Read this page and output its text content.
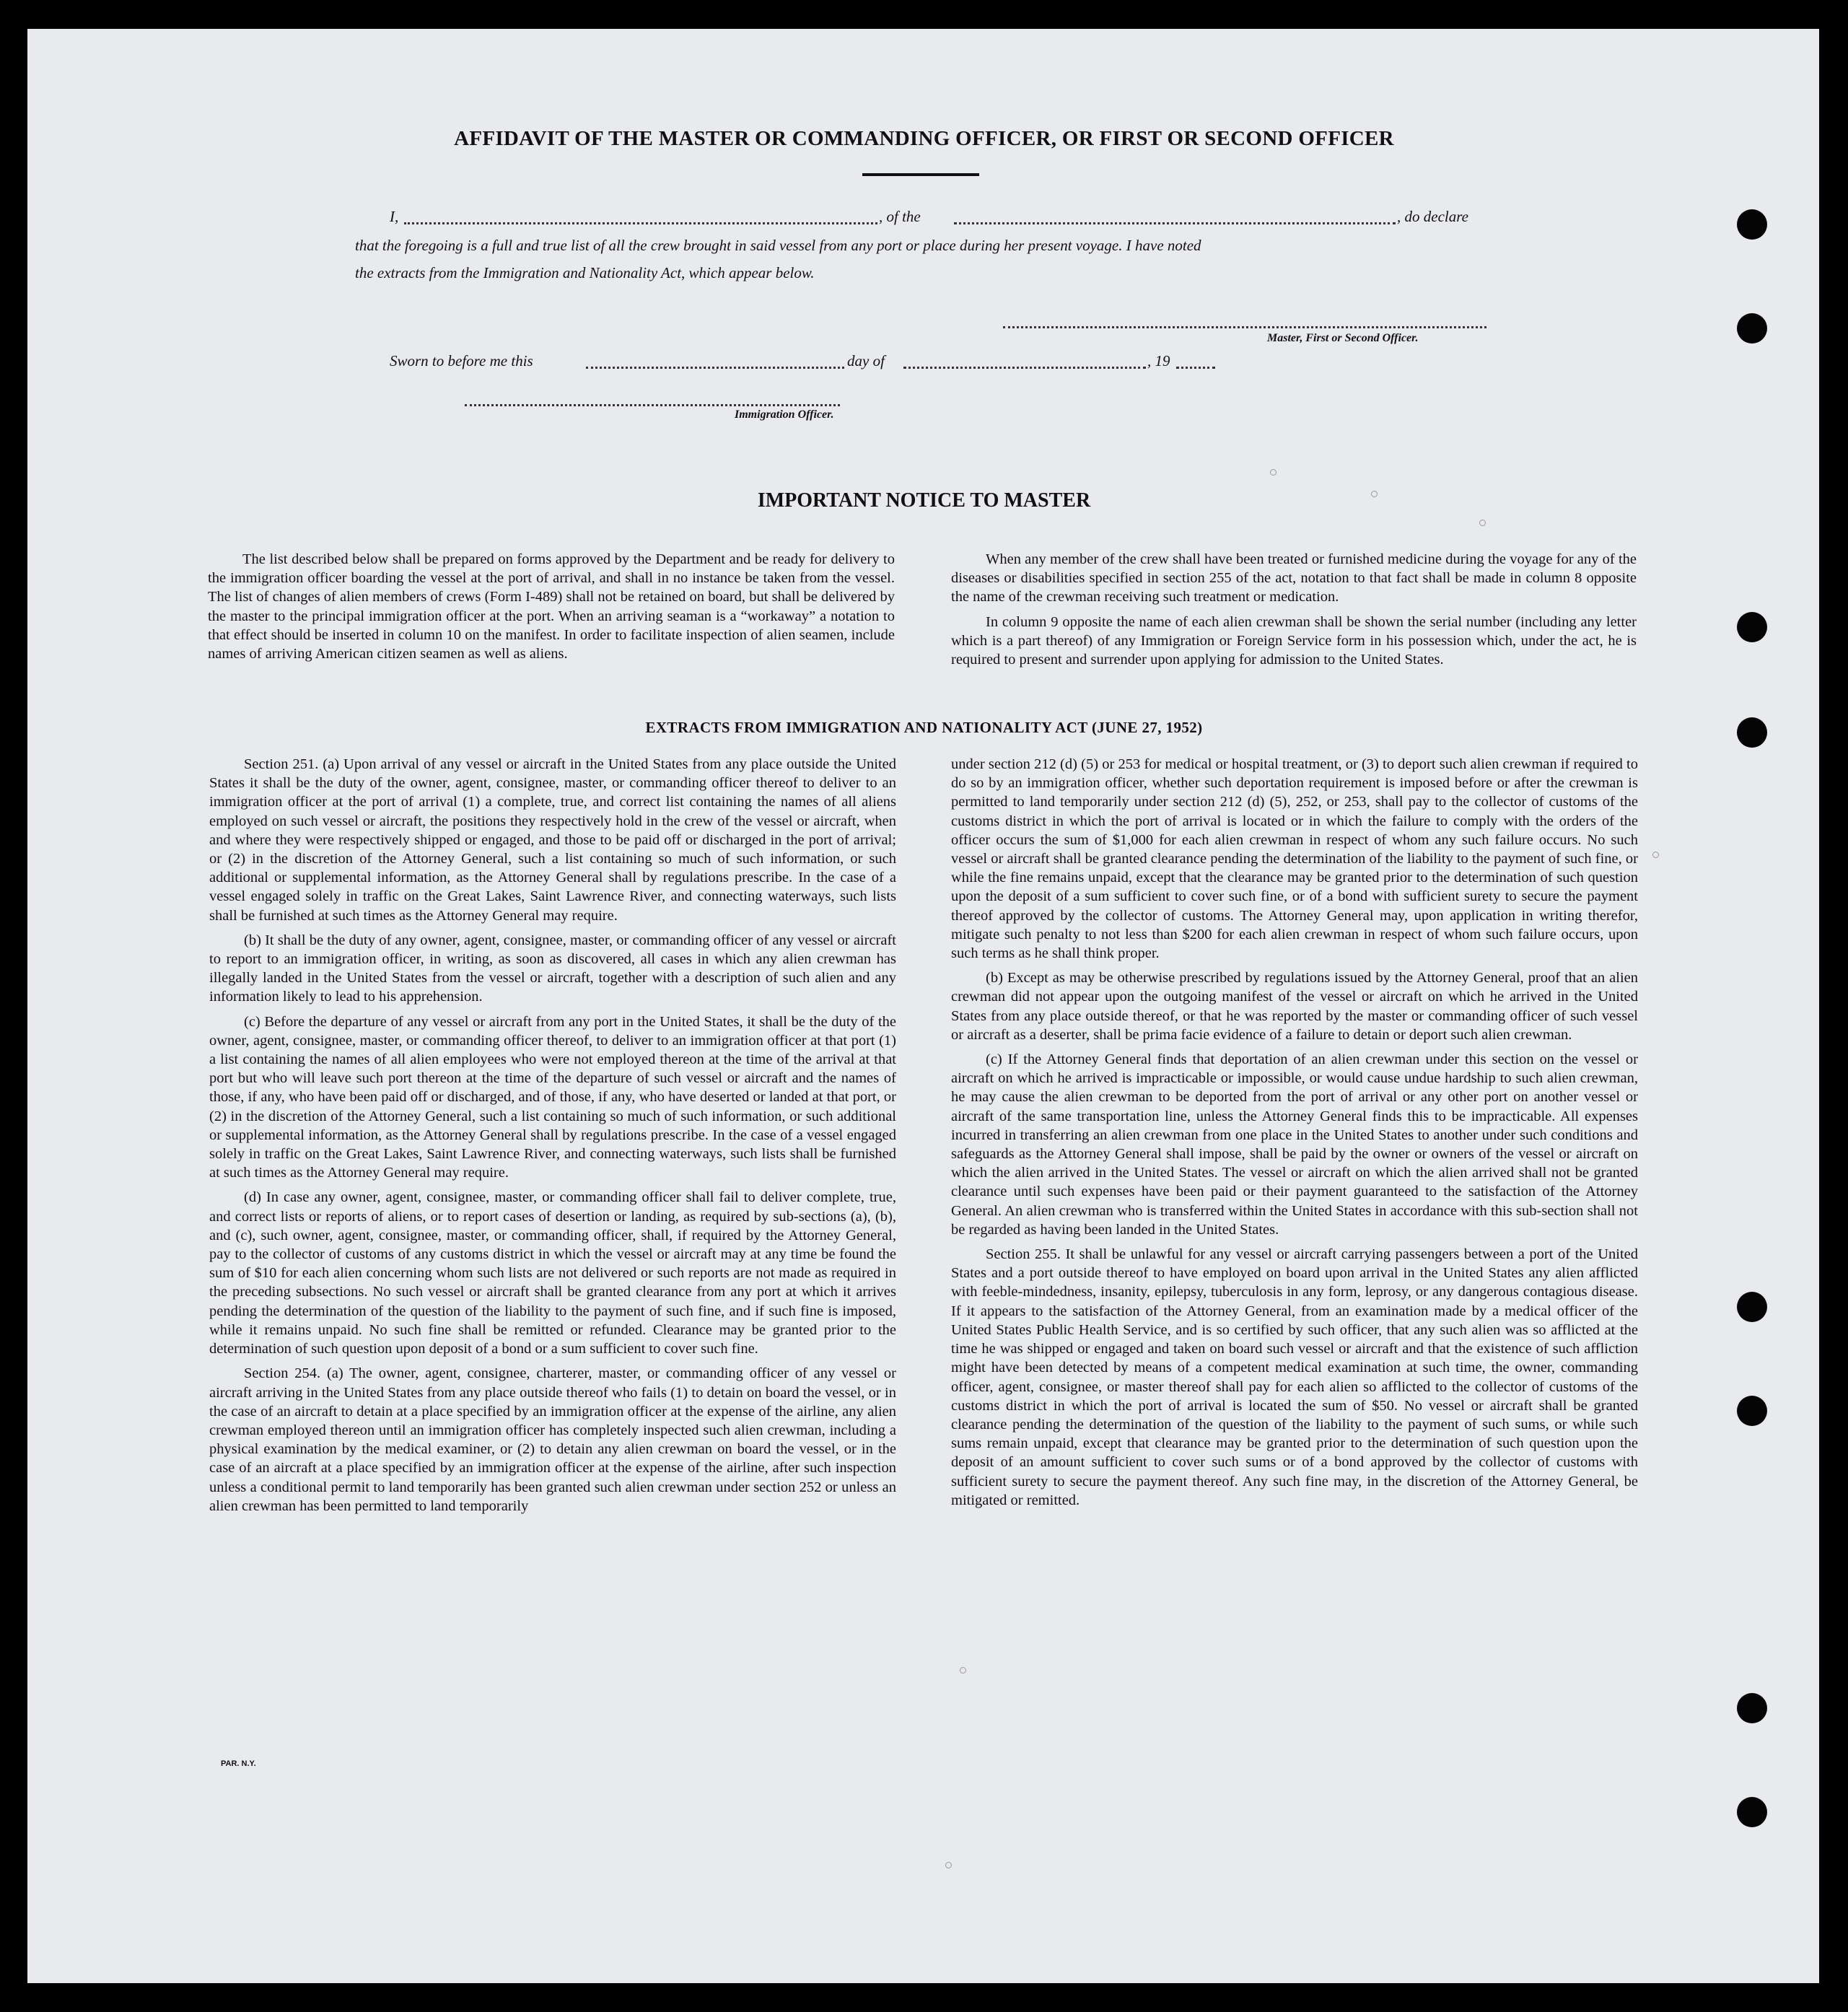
AFFIDAVIT OF THE MASTER OR COMMANDING OFFICER, OR FIRST OR SECOND OFFICER
I,	, of the	, do declare
that the foregoing is a full and true list of all the crew brought in said vessel from any port or place during her present voyage. I have noted
the extracts from the Immigration and Nationality Act, which appear below.
Master, First or Second Officer.
Sworn to before me this	day of	, 19
Immigration Officer.
IMPORTANT NOTICE TO MASTER

The list described below shall be prepared on forms approved by the Department and be ready for delivery to the immigration officer boarding the vessel at the port of arrival, and shall in no instance be taken from the vessel. The list of changes of alien members of crews (Form I-489) shall not be retained on board, but shall be delivered by the master to the principal immigration officer at the port. When an arriving seaman is a “workaway” a notation to that effect should be inserted in column 10 on the manifest. In order to facilitate inspection of alien seamen, include names of arriving American citizen seamen as well as aliens.

When any member of the crew shall have been treated or furnished medicine during the voyage for any of the diseases or disabilities specified in section 255 of the act, notation to that fact shall be made in column 8 opposite the name of the crewman receiving such treatment or medication.

In column 9 opposite the name of each alien crewman shall be shown the serial number (including any letter which is a part thereof) of any Immigration or Foreign Service form in his possession which, under the act, he is required to present and surrender upon applying for admission to the United States.

EXTRACTS FROM IMMIGRATION AND NATIONALITY ACT (JUNE 27, 1952)

Section 251. (a) Upon arrival of any vessel or aircraft in the United States from any place outside the United States it shall be the duty of the owner, agent, consignee, master, or commanding officer thereof to deliver to an immigration officer at the port of arrival (1) a complete, true, and correct list containing the names of all aliens employed on such vessel or aircraft, the positions they respectively hold in the crew of the vessel or aircraft, when and where they were respectively shipped or engaged, and those to be paid off or discharged in the port of arrival; or (2) in the discretion of the Attorney General, such a list containing so much of such information, or such additional or supplemental information, as the Attorney General shall by regulations prescribe. In the case of a vessel engaged solely in traffic on the Great Lakes, Saint Lawrence River, and connecting waterways, such lists shall be furnished at such times as the Attorney General may require.

(b) It shall be the duty of any owner, agent, consignee, master, or commanding officer of any vessel or aircraft to report to an immigration officer, in writing, as soon as discovered, all cases in which any alien crewman has illegally landed in the United States from the vessel or aircraft, together with a description of such alien and any information likely to lead to his apprehension.

(c) Before the departure of any vessel or aircraft from any port in the United States, it shall be the duty of the owner, agent, consignee, master, or commanding officer thereof, to deliver to an immigration officer at that port (1) a list containing the names of all alien employees who were not employed thereon at the time of the arrival at that port but who will leave such port thereon at the time of the departure of such vessel or aircraft and the names of those, if any, who have been paid off or discharged, and of those, if any, who have deserted or landed at that port, or (2) in the discretion of the Attorney General, such a list containing so much of such information, or such additional or supplemental information, as the Attorney General shall by regulations prescribe. In the case of a vessel engaged solely in traffic on the Great Lakes, Saint Lawrence River, and connecting waterways, such lists shall be furnished at such times as the Attorney General may require.

(d) In case any owner, agent, consignee, master, or commanding officer shall fail to deliver complete, true, and correct lists or reports of aliens, or to report cases of desertion or landing, as required by sub-sections (a), (b), and (c), such owner, agent, consignee, master, or commanding officer, shall, if required by the Attorney General, pay to the collector of customs of any customs district in which the vessel or aircraft may at any time be found the sum of $10 for each alien concerning whom such lists are not delivered or such reports are not made as required in the preceding subsections. No such vessel or aircraft shall be granted clearance from any port at which it arrives pending the determination of the question of the liability to the payment of such fine, and if such fine is imposed, while it remains unpaid. No such fine shall be remitted or refunded. Clearance may be granted prior to the determination of such question upon deposit of a bond or a sum sufficient to cover such fine.

Section 254. (a) The owner, agent, consignee, charterer, master, or commanding officer of any vessel or aircraft arriving in the United States from any place outside thereof who fails (1) to detain on board the vessel, or in the case of an aircraft to detain at a place specified by an immigration officer at the expense of the airline, any alien crewman employed thereon until an immigration officer has completely inspected such alien crewman, including a physical examination by the medical examiner, or (2) to detain any alien crewman on board the vessel, or in the case of an aircraft at a place specified by an immigration officer at the expense of the airline, after such inspection unless a conditional permit to land temporarily has been granted such alien crewman under section 252 or unless an alien crewman has been permitted to land temporarily

under section 212 (d) (5) or 253 for medical or hospital treatment, or (3) to deport such alien crewman if required to do so by an immigration officer, whether such deportation requirement is imposed before or after the crewman is permitted to land temporarily under section 212 (d) (5), 252, or 253, shall pay to the collector of customs of the customs district in which the port of arrival is located or in which the failure to comply with the orders of the officer occurs the sum of $1,000 for each alien crewman in respect of whom any such failure occurs. No such vessel or aircraft shall be granted clearance pending the determination of the liability to the payment of such fine, or while the fine remains unpaid, except that the clearance may be granted prior to the determination of such question upon the deposit of a sum sufficient to cover such fine, or of a bond with sufficient surety to secure the payment thereof approved by the collector of customs. The Attorney General may, upon application in writing therefor, mitigate such penalty to not less than $200 for each alien crewman in respect of whom such failure occurs, upon such terms as he shall think proper.

(b) Except as may be otherwise prescribed by regulations issued by the Attorney General, proof that an alien crewman did not appear upon the outgoing manifest of the vessel or aircraft on which he arrived in the United States from any place outside thereof, or that he was reported by the master or commanding officer of such vessel or aircraft as a deserter, shall be prima facie evidence of a failure to detain or deport such alien crewman.

(c) If the Attorney General finds that deportation of an alien crewman under this section on the vessel or aircraft on which he arrived is impracticable or impossible, or would cause undue hardship to such alien crewman, he may cause the alien crewman to be deported from the port of arrival or any other port on another vessel or aircraft of the same transportation line, unless the Attorney General finds this to be impracticable. All expenses incurred in transferring an alien crewman from one place in the United States to another under such conditions and safeguards as the Attorney General shall impose, shall be paid by the owner or owners of the vessel or aircraft on which the alien arrived in the United States. The vessel or aircraft on which the alien arrived shall not be granted clearance until such expenses have been paid or their payment guaranteed to the satisfaction of the Attorney General. An alien crewman who is transferred within the United States in accordance with this sub-section shall not be regarded as having been landed in the United States.

Section 255. It shall be unlawful for any vessel or aircraft carrying passengers between a port of the United States and a port outside thereof to have employed on board upon arrival in the United States any alien afflicted with feeble-mindedness, insanity, epilepsy, tuberculosis in any form, leprosy, or any dangerous contagious disease. If it appears to the satisfaction of the Attorney General, from an examination made by a medical officer of the United States Public Health Service, and is so certified by such officer, that any such alien was so afflicted at the time he was shipped or engaged and taken on board such vessel or aircraft and that the existence of such affliction might have been detected by means of a competent medical examination at such time, the owner, commanding officer, agent, consignee, or master thereof shall pay for each alien so afflicted to the collector of customs of the customs district in which the port of arrival is located the sum of $50. No vessel or aircraft shall be granted clearance pending the determination of the question of the liability to the payment of such sums, or while such sums remain unpaid, except that clearance may be granted prior to the determination of such question upon the deposit of an amount sufficient to cover such sums or of a bond approved by the collector of customs with sufficient surety to secure the payment thereof. Any such fine may, in the discretion of the Attorney General, be mitigated or remitted.

PAR. N.Y.
